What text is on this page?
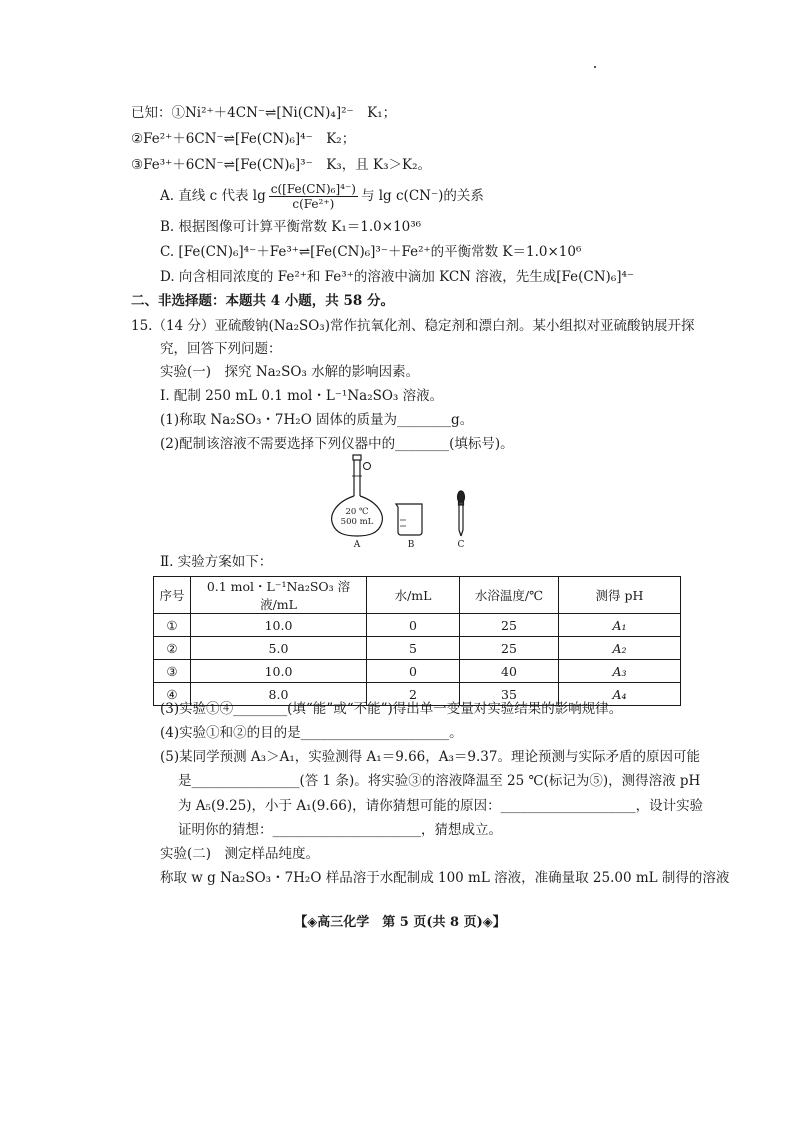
已知：①Ni²⁺＋4CN⁻⇌[Ni(CN)₄]²⁻　K₁；
②Fe²⁺＋6CN⁻⇌[Fe(CN)₆]⁴⁻　K₂；
③Fe³⁺＋6CN⁻⇌[Fe(CN)₆]³⁻　K₃，且 K₃＞K₂。
A. 直线 c 代表 $\lg \frac{\text{c([Fe(CN)₆]⁴⁻)}}{\text{c(Fe²⁺)}}$ 与 lg c(CN⁻)的关系
B. 根据图像可计算平衡常数 K₁＝1.0×10³⁶
C. [Fe(CN)₆]⁴⁻＋Fe³⁺⇌[Fe(CN)₆]³⁻＋Fe²⁺的平衡常数 K＝1.0×10⁶
D. 向含相同浓度的 Fe²⁺和 Fe³⁺的溶液中滴加 KCN 溶液，先生成[Fe(CN)₆]⁴⁻
二、非选择题：本题共 4 小题，共 58 分。
15.（14 分）亚硫酸钠(Na₂SO₃)常作抗氧化剂、稳定剂和漂白剂。某小组拟对亚硫酸钠展开探
究，回答下列问题：
实验(一)　探究 Na₂SO₃ 水解的影响因素。
Ⅰ. 配制 250 mL 0.1 mol・L⁻¹Na₂SO₃ 溶液。
(1)称取 Na₂SO₃・7H₂O 固体的质量为________g。
(2)配制该溶液不需要选择下列仪器中的________(填标号)。
20 ℃
500 mL
A	B	C
Ⅱ. 实验方案如下：
序号	0.1 mol・L⁻¹Na₂SO₃ 溶液/mL	水/mL	水浴温度/℃	测得 pH
①	10.0	0	25	A₁
②	5.0	5	25	A₂
③	10.0	0	40	A₃
④	8.0	2	35	A₄
(3)实验①④________(填“能”或“不能”)得出单一变量对实验结果的影响规律。
(4)实验①和②的目的是______________________。
(5)某同学预测 A₃＞A₁，实验测得 A₁＝9.66，A₃＝9.37。理论预测与实际矛盾的原因可能
是________________(答 1 条)。将实验③的溶液降温至 25 ℃(标记为⑤)，测得溶液 pH
为 A₅(9.25)，小于 A₁(9.66)，请你猜想可能的原因：____________________，设计实验
证明你的猜想：______________________，猜想成立。
实验(二)　测定样品纯度。
称取 w g Na₂SO₃・7H₂O 样品溶于水配制成 100 mL 溶液，准确量取 25.00 mL 制得的溶液
【◈高三化学　第 5 页(共 8 页)◈】
